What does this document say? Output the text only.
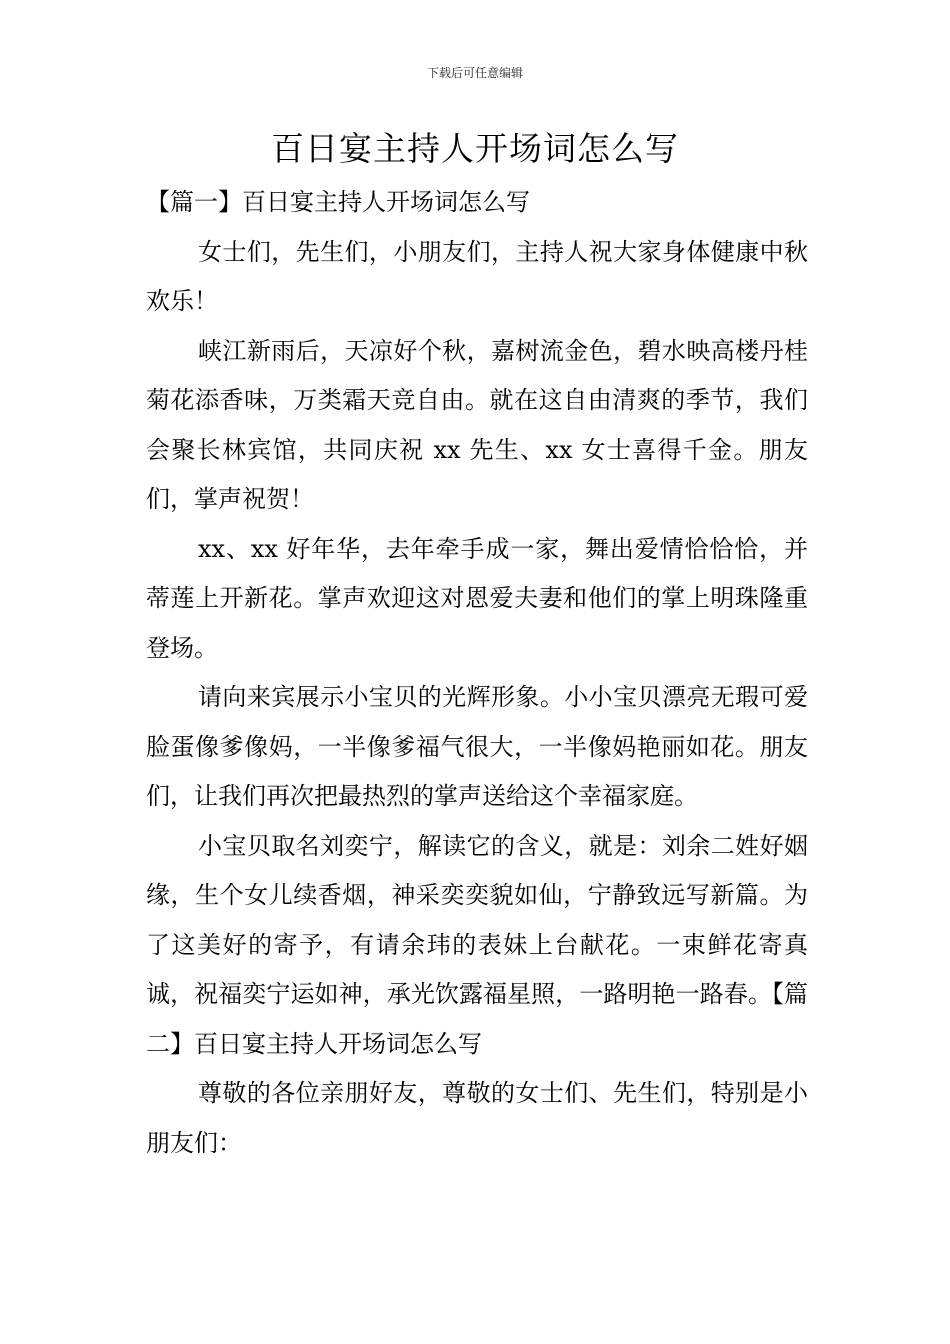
下载后可任意编辑
百日宴主持人开场词怎么写

【篇一】百日宴主持人开场词怎么写

女士们，先生们，小朋友们，主持人祝大家身体健康中秋欢乐！

峡江新雨后，天凉好个秋，嘉树流金色，碧水映高楼丹桂菊花添香味，万类霜天竞自由。就在这自由清爽的季节，我们会聚长林宾馆，共同庆祝 xx 先生、xx 女士喜得千金。朋友们，掌声祝贺！

xx、xx 好年华，去年牵手成一家，舞出爱情恰恰恰，并蒂莲上开新花。掌声欢迎这对恩爱夫妻和他们的掌上明珠隆重登场。

请向来宾展示小宝贝的光辉形象。小小宝贝漂亮无瑕可爱脸蛋像爹像妈，一半像爹福气很大，一半像妈艳丽如花。朋友们，让我们再次把最热烈的掌声送给这个幸福家庭。

小宝贝取名刘奕宁，解读它的含义，就是：刘余二姓好姻缘，生个女儿续香烟，神采奕奕貌如仙，宁静致远写新篇。为了这美好的寄予，有请余玮的表妹上台献花。一束鲜花寄真诚，祝福奕宁运如神，承光饮露福星照，一路明艳一路春。【篇二】百日宴主持人开场词怎么写

尊敬的各位亲朋好友，尊敬的女士们、先生们，特别是小朋友们：
